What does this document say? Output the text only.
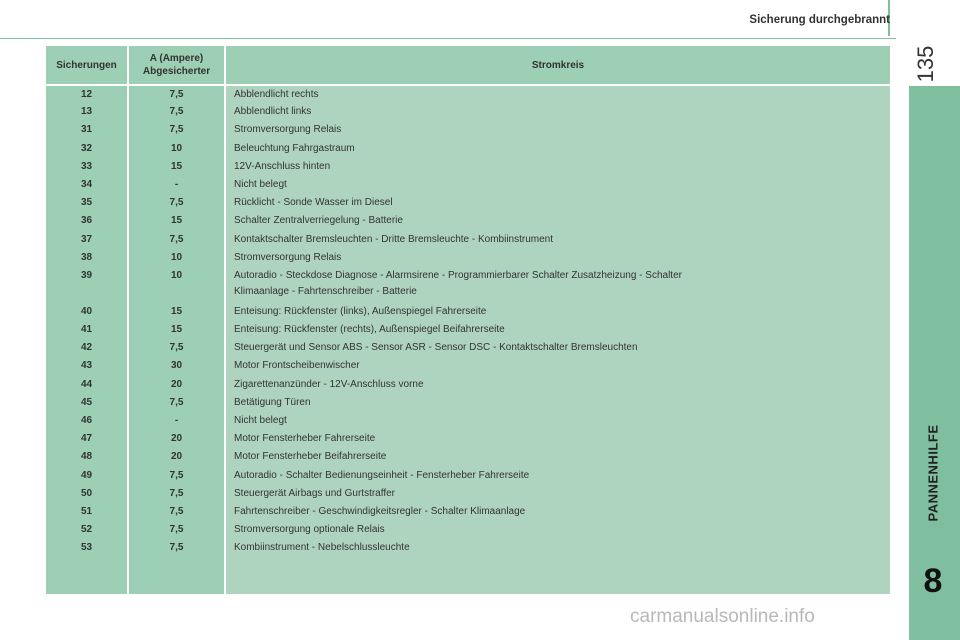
Sicherung durchgebrannt
135
PANNENHILFE
8
Sicherungen	A (Ampere) Abgesicherter	Stromkreis
12	7,5	Abblendlicht rechts

13	7,5	Abblendlicht links

31	7,5	Stromversorgung Relais

32	10	Beleuchtung Fahrgastraum

33	15	12V-Anschluss hinten

34	-	Nicht belegt

35	7,5	Rücklicht - Sonde Wasser im Diesel

36	15	Schalter Zentralverriegelung - Batterie

37	7,5	Kontaktschalter Bremsleuchten - Dritte Bremsleuchte - Kombiinstrument

38	10	Stromversorgung Relais

39	10	Autoradio - Steckdose Diagnose - Alarmsirene - Programmierbarer Schalter Zusatzheizung - Schalter
Klimaanlage - Fahrtenschreiber - Batterie

40	15	Enteisung: Rückfenster (links), Außenspiegel Fahrerseite

41	15	Enteisung: Rückfenster (rechts), Außenspiegel Beifahrerseite

42	7,5	Steuergerät und Sensor ABS - Sensor ASR - Sensor DSC - Kontaktschalter Bremsleuchten

43	30	Motor Frontscheibenwischer

44	20	Zigarettenanzünder - 12V-Anschluss vorne

45	7,5	Betätigung Türen

46	-	Nicht belegt

47	20	Motor Fensterheber Fahrerseite

48	20	Motor Fensterheber Beifahrerseite

49	7,5	Autoradio - Schalter Bedienungseinheit - Fensterheber Fahrerseite

50	7,5	Steuergerät Airbags und Gurtstraffer

51	7,5	Fahrtenschreiber - Geschwindigkeitsregler - Schalter Klimaanlage

52	7,5	Stromversorgung optionale Relais

53	7,5	Kombiinstrument - Nebelschlussleuchte

carmanualsonline.info
